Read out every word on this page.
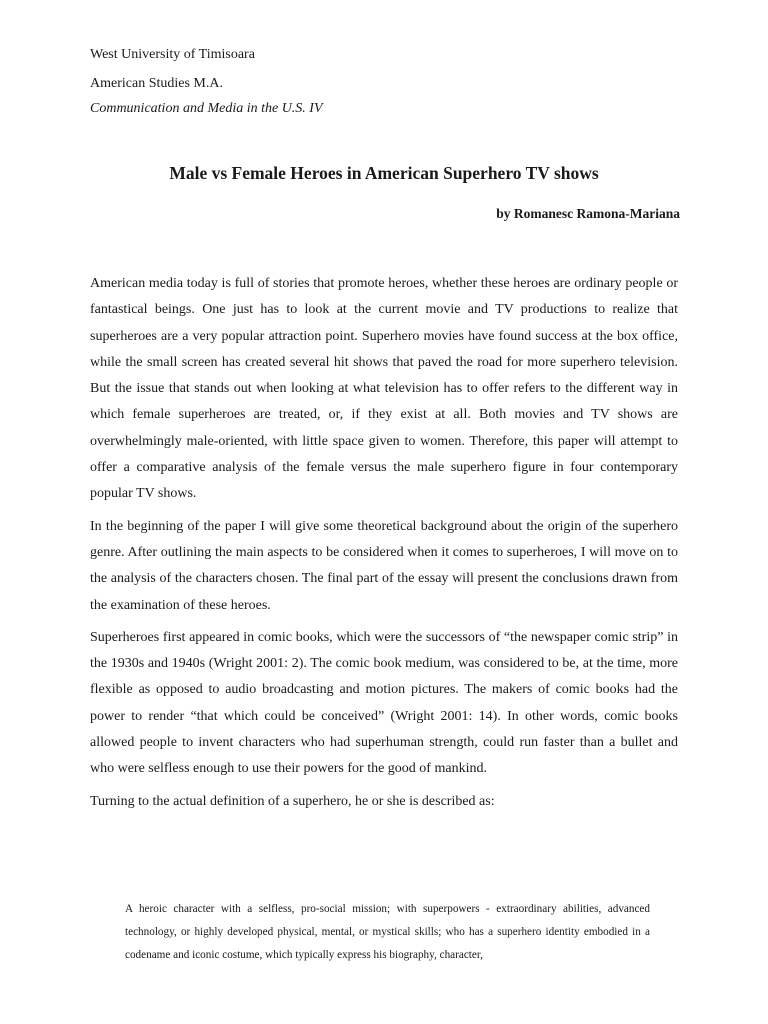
West University of Timisoara
American Studies M.A.
Communication and Media in the U.S. IV
Male vs Female Heroes in American Superhero TV shows
by Romanesc Ramona-Mariana

American media today is full of stories that promote heroes, whether these heroes are ordinary people or fantastical beings. One just has to look at the current movie and TV productions to realize that superheroes are a very popular attraction point. Superhero movies have found success at the box office, while the small screen has created several hit shows that paved the road for more superhero television. But the issue that stands out when looking at what television has to offer refers to the different way in which female superheroes are treated, or, if they exist at all. Both movies and TV shows are overwhelmingly male-oriented, with little space given to women. Therefore, this paper will attempt to offer a comparative analysis of the female versus the male superhero figure in four contemporary popular TV shows.

In the beginning of the paper I will give some theoretical background about the origin of the superhero genre. After outlining the main aspects to be considered when it comes to superheroes, I will move on to the analysis of the characters chosen. The final part of the essay will present the conclusions drawn from the examination of these heroes.

Superheroes first appeared in comic books, which were the successors of “the newspaper comic strip” in the 1930s and 1940s (Wright 2001: 2). The comic book medium, was considered to be, at the time, more flexible as opposed to audio broadcasting and motion pictures. The makers of comic books had the power to render “that which could be conceived” (Wright 2001: 14). In other words, comic books allowed people to invent characters who had superhuman strength, could run faster than a bullet and who were selfless enough to use their powers for the good of mankind.

Turning to the actual definition of a superhero, he or she is described as:

A heroic character with a selfless, pro-social mission; with superpowers - extraordinary abilities, advanced technology, or highly developed physical, mental, or mystical skills; who has a superhero identity embodied in a codename and iconic costume, which typically express his biography, character,
